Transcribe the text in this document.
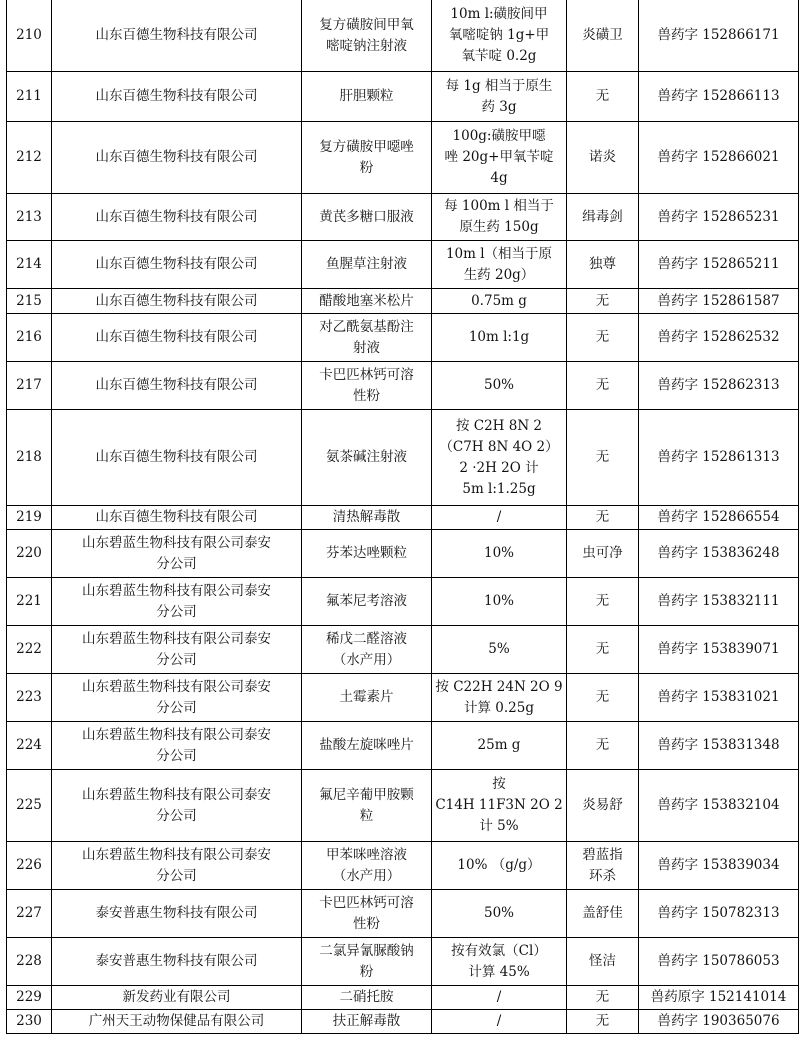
210	山东百德生物科技有限公司	复方磺胺间甲氧
嘧啶钠注射液	10m l:磺胺间甲
氧嘧啶钠 1g+甲
氧苄啶 0.2g	炎磺卫	兽药字 152866171
211	山东百德生物科技有限公司	肝胆颗粒	每 1g 相当于原生
药 3g	无	兽药字 152866113
212	山东百德生物科技有限公司	复方磺胺甲噁唑
粉	100g:磺胺甲噁
唑 20g+甲氧苄啶
4g	诺炎	兽药字 152866021
213	山东百德生物科技有限公司	黄芪多糖口服液	每 100m l 相当于
原生药 150g	缉毒剑	兽药字 152865231
214	山东百德生物科技有限公司	鱼腥草注射液	10m l（相当于原
生药 20g）	独尊	兽药字 152865211
215	山东百德生物科技有限公司	醋酸地塞米松片	0.75m g	无	兽药字 152861587
216	山东百德生物科技有限公司	对乙酰氨基酚注
射液	10m l:1g	无	兽药字 152862532
217	山东百德生物科技有限公司	卡巴匹林钙可溶
性粉	50%	无	兽药字 152862313
218	山东百德生物科技有限公司	氨茶碱注射液	按 C2H 8N 2
（C7H 8N 4O 2）
2 ·2H 2O 计
5m l:1.25g	无	兽药字 152861313
219	山东百德生物科技有限公司	清热解毒散	/	无	兽药字 152866554
220	山东碧蓝生物科技有限公司泰安
分公司	芬苯达唑颗粒	10%	虫可净	兽药字 153836248
221	山东碧蓝生物科技有限公司泰安
分公司	氟苯尼考溶液	10%	无	兽药字 153832111
222	山东碧蓝生物科技有限公司泰安
分公司	稀戊二醛溶液
（水产用）	5%	无	兽药字 153839071
223	山东碧蓝生物科技有限公司泰安
分公司	土霉素片	按 C22H 24N 2O 9
计算 0.25g	无	兽药字 153831021
224	山东碧蓝生物科技有限公司泰安
分公司	盐酸左旋咪唑片	25m g	无	兽药字 153831348
225	山东碧蓝生物科技有限公司泰安
分公司	氟尼辛葡甲胺颗
粒	按
C14H 11F3N 2O 2
计 5%	炎易舒	兽药字 153832104
226	山东碧蓝生物科技有限公司泰安
分公司	甲苯咪唑溶液
（水产用）	10% （g/g）	碧蓝指
环杀	兽药字 153839034
227	泰安普惠生物科技有限公司	卡巴匹林钙可溶
性粉	50%	盖舒佳	兽药字 150782313
228	泰安普惠生物科技有限公司	二氯异氰脲酸钠
粉	按有效氯（Cl）
计算 45%	怪洁	兽药字 150786053
229	新发药业有限公司	二硝托胺	/	无	兽药原字 152141014
230	广州天王动物保健品有限公司	扶正解毒散	/	无	兽药字 190365076
